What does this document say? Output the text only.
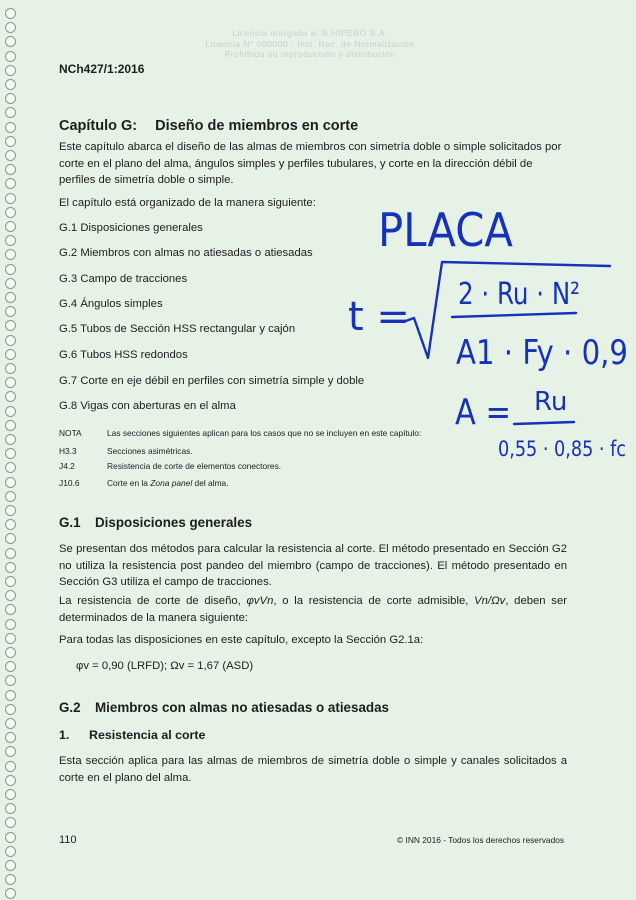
Licencia otorgada a: R.HIPERO S.A.
Licencia N° 000000 - Inst. Nac. de Normalización
Prohibida su reproducción y distribución
NCh427/1:2016
Capítulo G: Diseño de miembros en corte
Este capítulo abarca el diseño de las almas de miembros con simetría doble o simple solicitados por corte en el plano del alma, ángulos simples y perfiles tubulares, y corte en la dirección débil de perfiles de simetría doble o simple.
El capítulo está organizado de la manera siguiente:
G.1 Disposiciones generales
G.2 Miembros con almas no atiesadas o atiesadas
G.3 Campo de tracciones
G.4 Ángulos simples
G.5 Tubos de Sección HSS rectangular y cajón
G.6 Tubos HSS redondos
G.7 Corte en eje débil en perfiles con simetría simple y doble
G.8 Vigas con aberturas en el alma
NOTA	Las secciones siguientes aplican para los casos que no se incluyen en este capítulo:
H3.3	Secciones asimétricas.
J4.2	Resistencia de corte de elementos conectores.
J10.6	Corte en la Zona panel del alma.
G.1 Disposiciones generales
Se presentan dos métodos para calcular la resistencia al corte. El método presentado en Sección G2 no utiliza la resistencia post pandeo del miembro (campo de tracciones). El método presentado en Sección G3 utiliza el campo de tracciones.
La resistencia de corte de diseño, φvVn, o la resistencia de corte admisible, Vn/Ωv, deben ser determinados de la manera siguiente:
Para todas las disposiciones en este capítulo, excepto la Sección G2.1a:
φv = 0,90 (LRFD); Ωv = 1,67 (ASD)
G.2 Miembros con almas no atiesadas o atiesadas
1. Resistencia al corte
Esta sección aplica para las almas de miembros de simetría doble o simple y canales solicitados a corte en el plano del alma.
110	© INN 2016 - Todos los derechos reservados
PLACA
t = 2 · Ru · N²
A1 · Fy · 0,9
A = Ru
0,55 · 0,85 · fc
